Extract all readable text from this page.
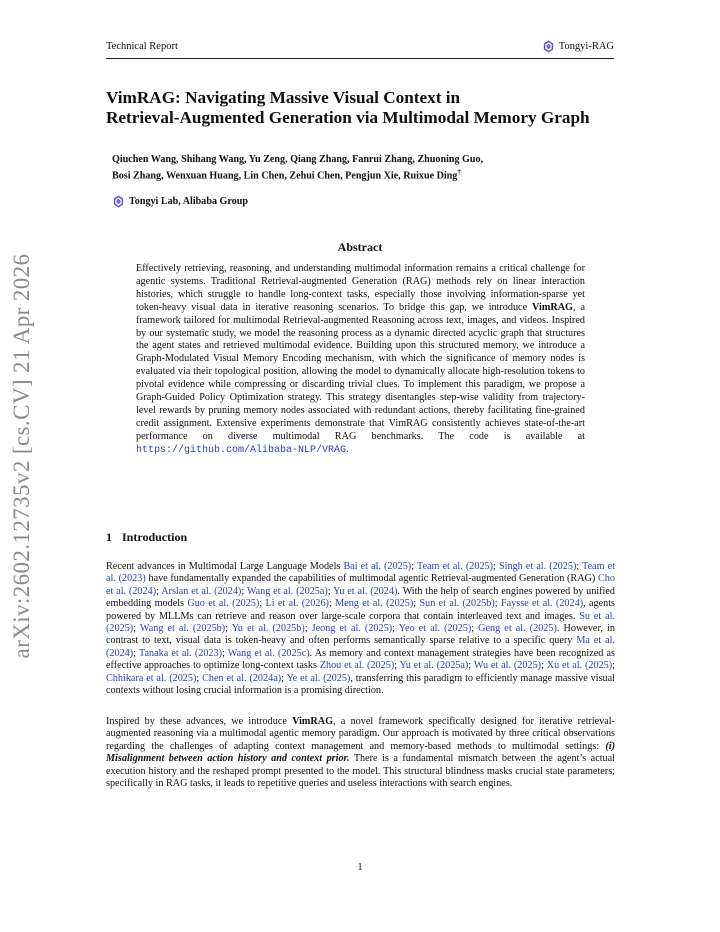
Technical Report	Tongyi-RAG
arXiv:2602.12735v2 [cs.CV] 21 Apr 2026
VimRAG: Navigating Massive Visual Context in
Retrieval-Augmented Generation via Multimodal Memory Graph
Qiuchen Wang, Shihang Wang, Yu Zeng, Qiang Zhang, Fanrui Zhang, Zhuoning Guo,
Bosi Zhang, Wenxuan Huang, Lin Chen, Zehui Chen, Pengjun Xie, Ruixue Ding†
Tongyi Lab, Alibaba Group
Abstract
Effectively retrieving, reasoning, and understanding multimodal information remains a critical challenge for agentic systems. Traditional Retrieval-augmented Generation (RAG) methods rely on linear interaction histories, which struggle to handle long-context tasks, especially those involving information-sparse yet token-heavy visual data in iterative reasoning scenarios. To bridge this gap, we introduce VimRAG, a framework tailored for multimodal Retrieval-augmented Reasoning across text, images, and videos. Inspired by our systematic study, we model the reasoning process as a dynamic directed acyclic graph that structures the agent states and retrieved multimodal evidence. Building upon this structured memory, we introduce a Graph-Modulated Visual Memory Encoding mechanism, with which the significance of memory nodes is evaluated via their topological position, allowing the model to dynamically allocate high-resolution tokens to pivotal evidence while compressing or discarding trivial clues. To implement this paradigm, we propose a Graph-Guided Policy Optimization strategy. This strategy disentangles step-wise validity from trajectory-level rewards by pruning memory nodes associated with redundant actions, thereby facilitating fine-grained credit assignment. Extensive experiments demonstrate that VimRAG consistently achieves state-of-the-art performance on diverse multimodal RAG benchmarks. The code is available at https://github.com/Alibaba-NLP/VRAG.
1 Introduction
Recent advances in Multimodal Large Language Models Bai et al. (2025); Team et al. (2025); Singh et al. (2025); Team et al. (2023) have fundamentally expanded the capabilities of multimodal agentic Retrieval-augmented Generation (RAG) Cho et al. (2024); Arslan et al. (2024); Wang et al. (2025a); Yu et al. (2024). With the help of search engines powered by unified embedding models Guo et al. (2025); Li et al. (2026); Meng et al. (2025); Sun et al. (2025b); Faysse et al. (2024), agents powered by MLLMs can retrieve and reason over large-scale corpora that contain interleaved text and images. Su et al. (2025); Wang et al. (2025b); Yu et al. (2025b); Jeong et al. (2025); Yeo et al. (2025); Geng et al. (2025). However, in contrast to text, visual data is token-heavy and often performs semantically sparse relative to a specific query Ma et al. (2024); Tanaka et al. (2023); Wang et al. (2025c). As memory and context management strategies have been recognized as effective approaches to optimize long-context tasks Zhou et al. (2025); Yu et al. (2025a); Wu et al. (2025); Xu et al. (2025); Chhikara et al. (2025); Chen et al. (2024a); Ye et al. (2025), transferring this paradigm to efficiently manage massive visual contexts without losing crucial information is a promising direction.
Inspired by these advances, we introduce VimRAG, a novel framework specifically designed for iterative retrieval-augmented reasoning via a multimodal agentic memory paradigm. Our approach is motivated by three critical observations regarding the challenges of adapting context management and memory-based methods to multimodal settings: (i) Misalignment between action history and context prior. There is a fundamental mismatch between the agent’s actual execution history and the reshaped prompt presented to the model. This structural blindness masks crucial state parameters; specifically in RAG tasks, it leads to repetitive queries and useless interactions with search engines.
1
